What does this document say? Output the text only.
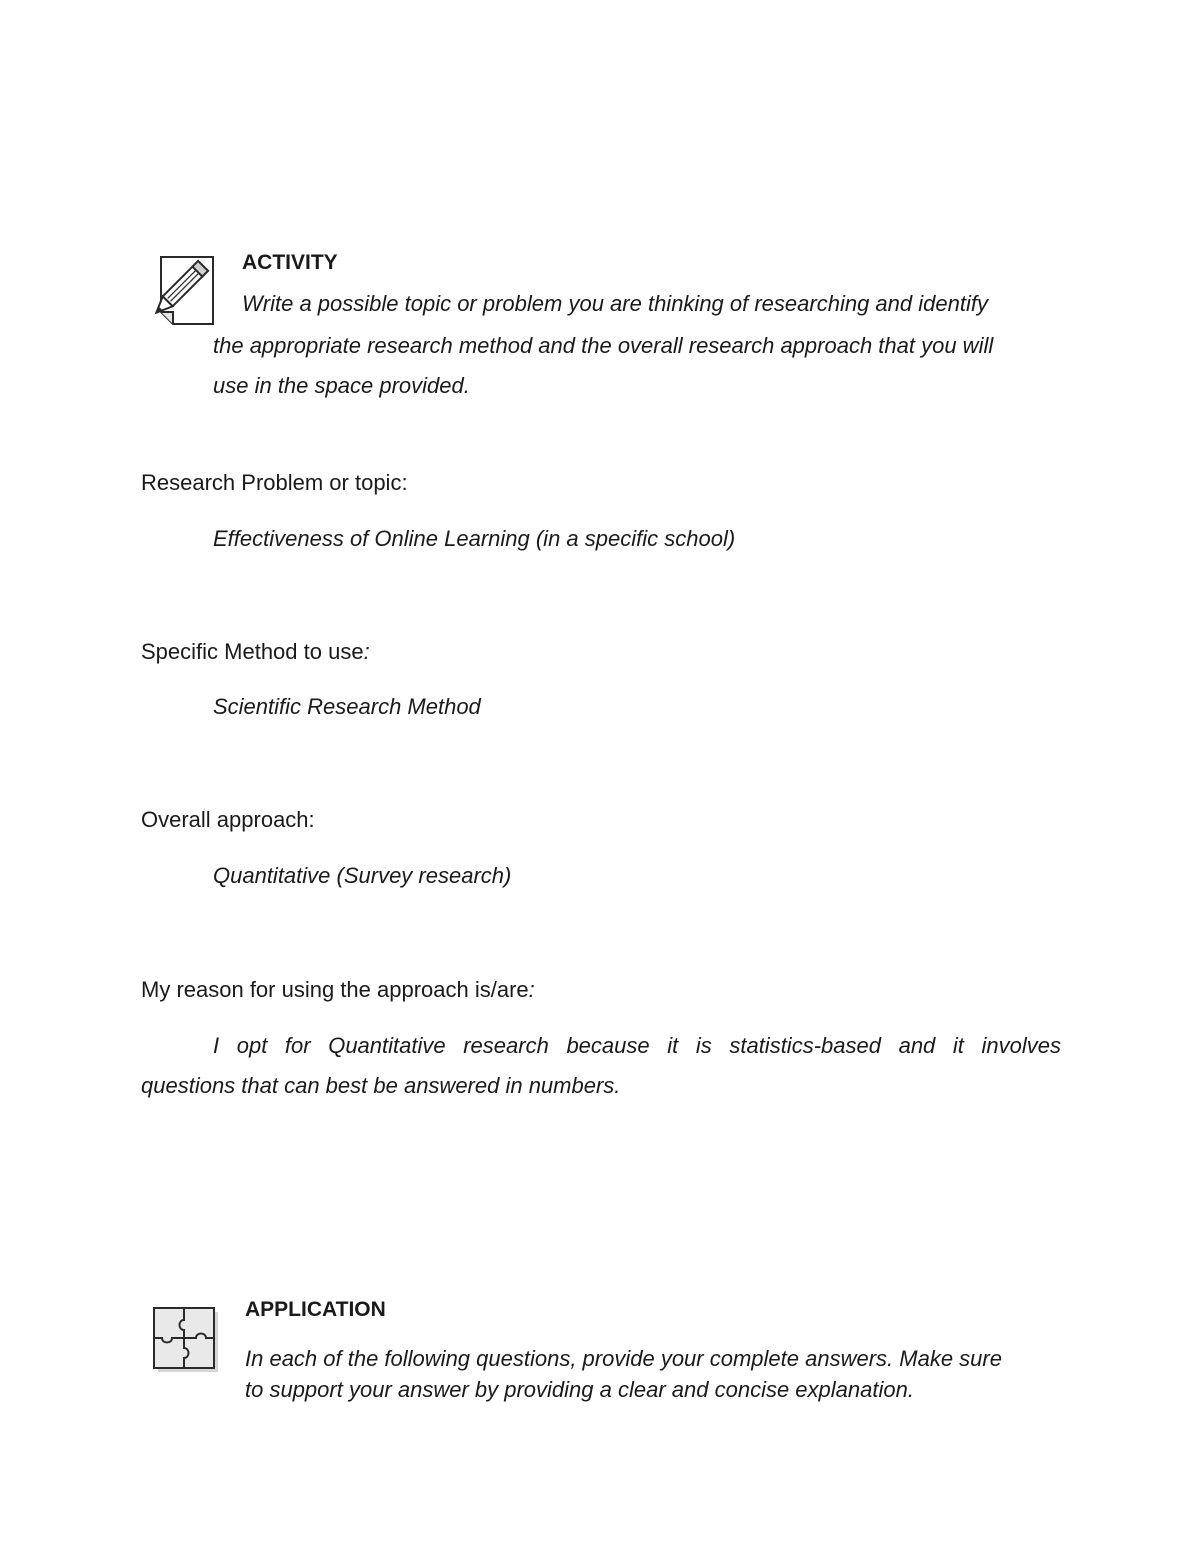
ACTIVITY
Write a possible topic or problem you are thinking of researching and identify
the appropriate research method and the overall research approach that you will
use in the space provided.
Research Problem or topic:
Effectiveness of Online Learning (in a specific school)
Specific Method to use:
Scientific Research Method
Overall approach:
Quantitative (Survey research)
My reason for using the approach is/are:
I opt for Quantitative research because it is statistics-based and it involves
questions that can best be answered in numbers.
APPLICATION
In each of the following questions, provide your complete answers. Make sure
to support your answer by providing a clear and concise explanation.
